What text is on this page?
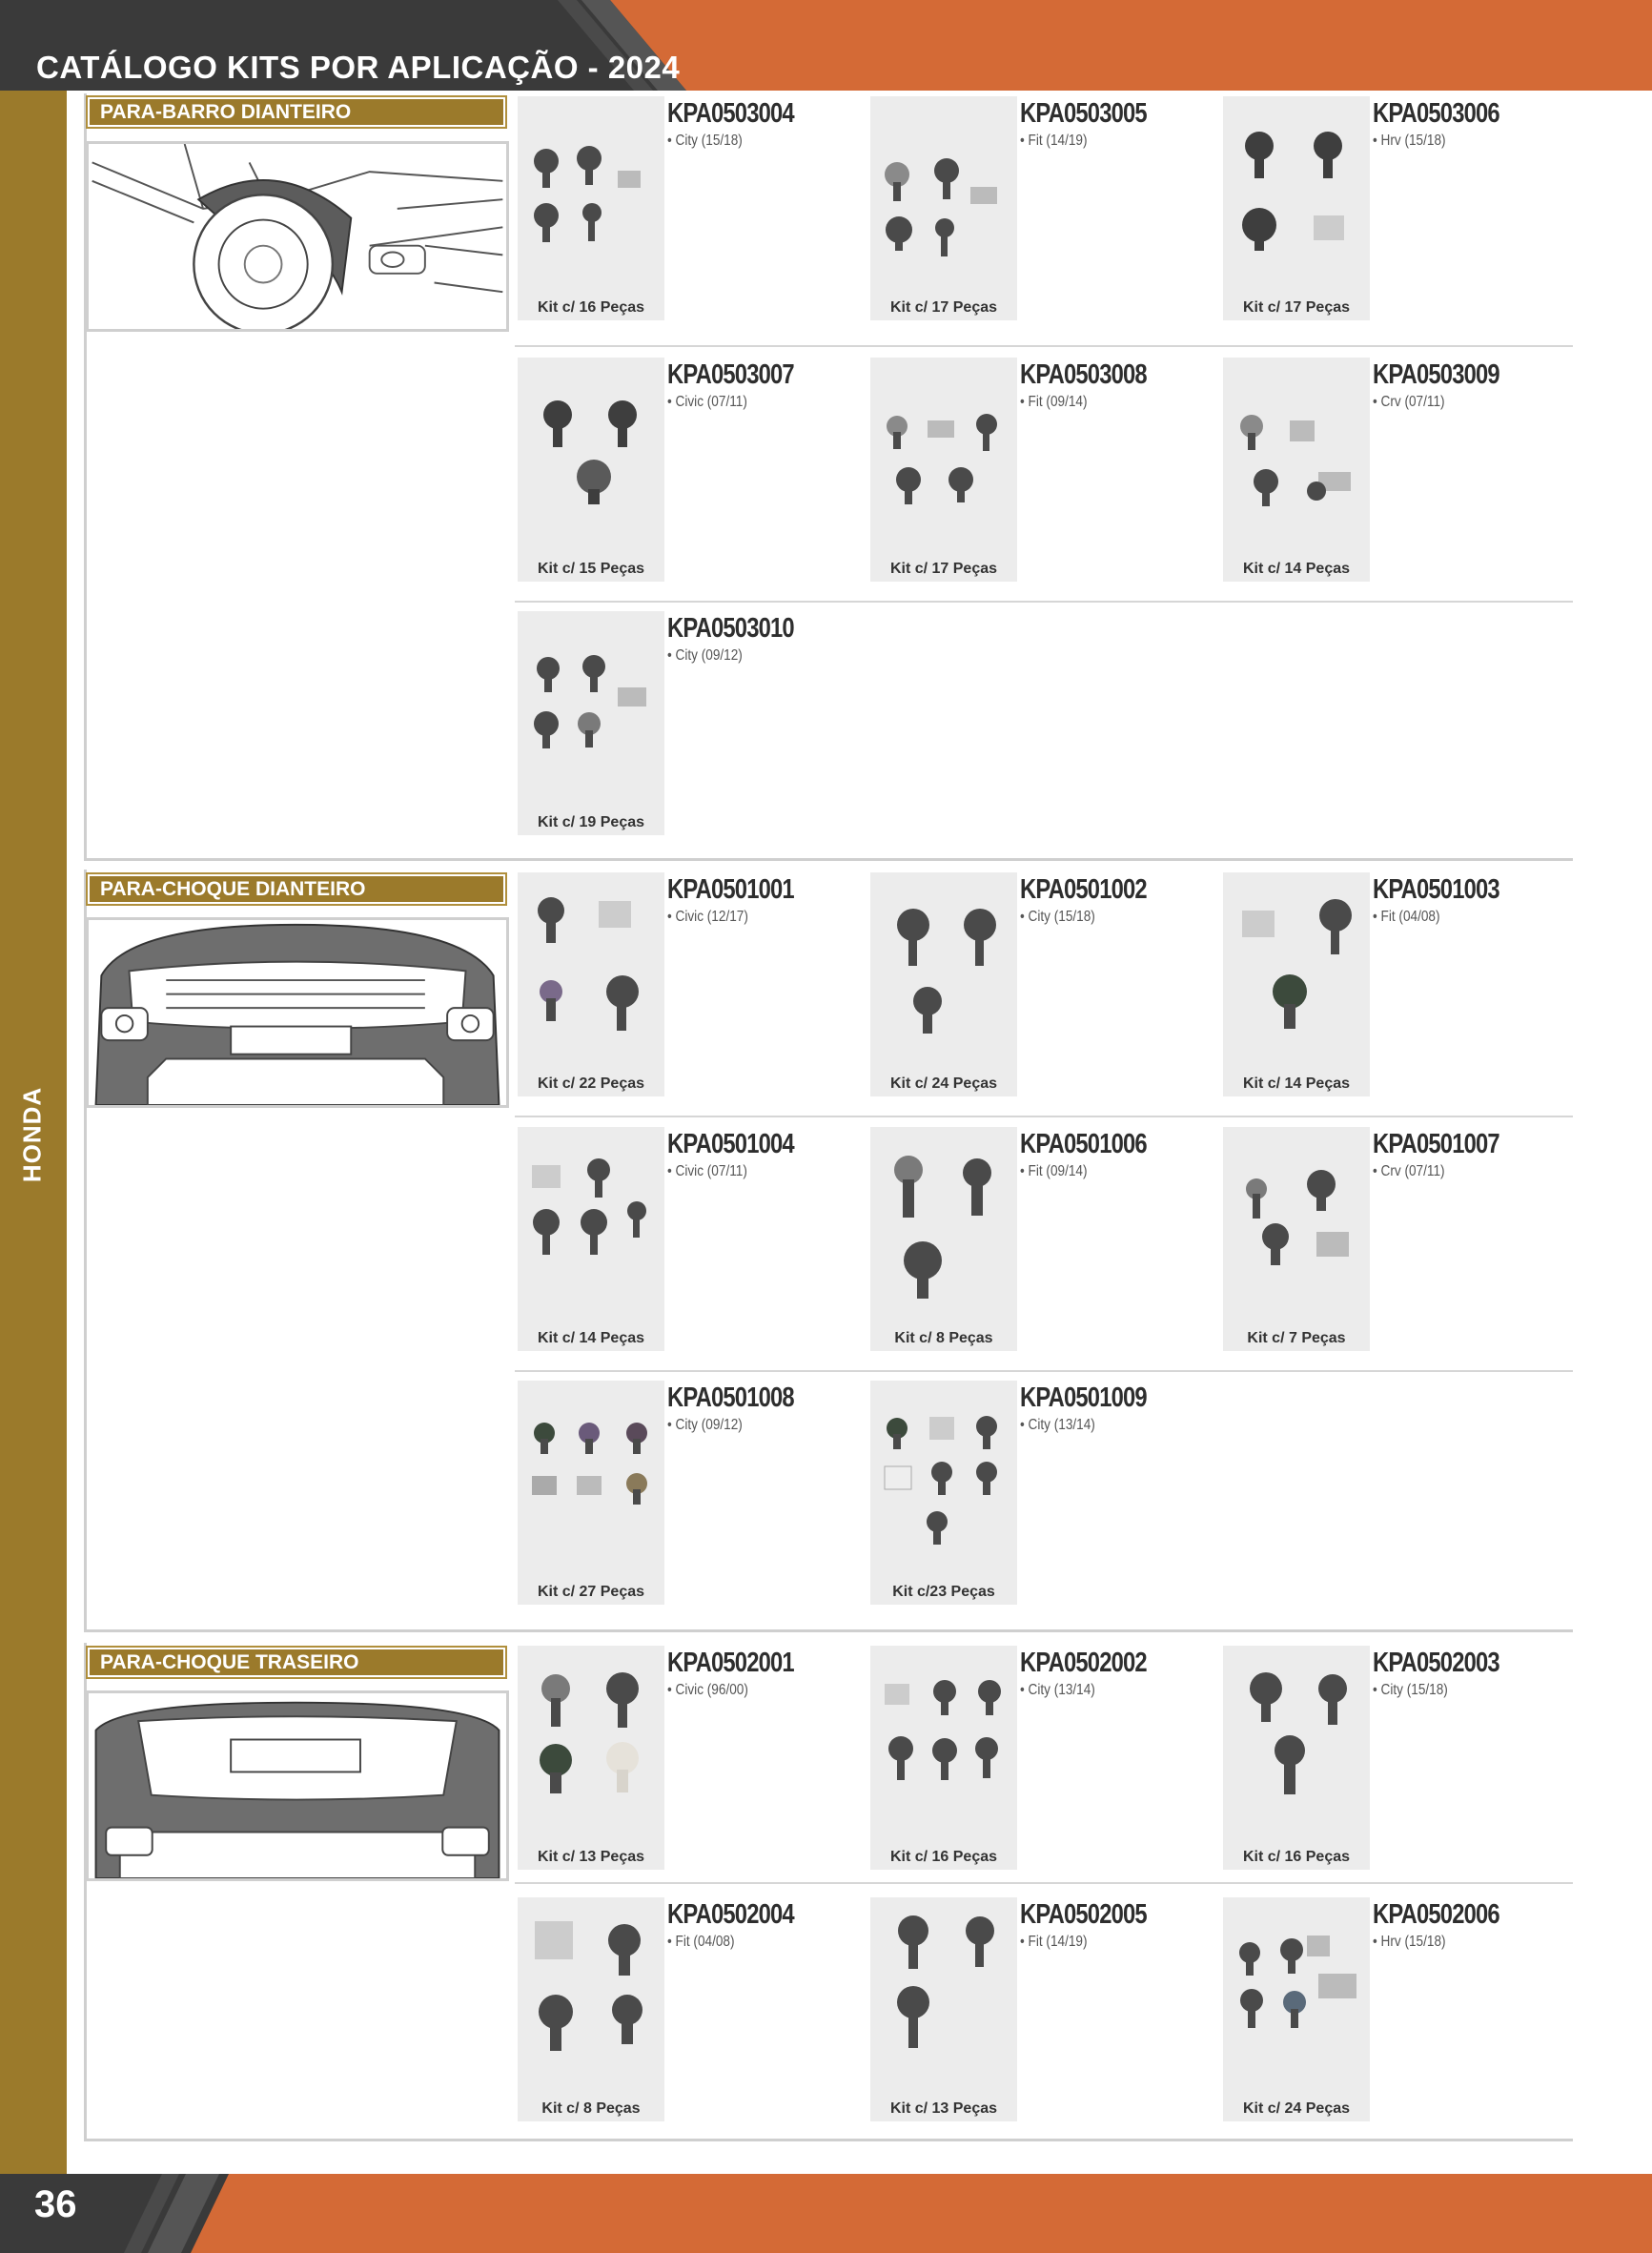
CATÁLOGO KITS POR APLICAÇÃO - 2024
HONDA
PARA-BARRO DIANTEIRO
Kit c/ 16 Peças
KPA0503004
• City (15/18)
Kit c/ 17 Peças
KPA0503005
• Fit (14/19)
Kit c/ 17 Peças
KPA0503006
• Hrv (15/18)
Kit c/ 15 Peças
KPA0503007
• Civic (07/11)
Kit c/ 17 Peças
KPA0503008
• Fit (09/14)
Kit c/ 14 Peças
KPA0503009
• Crv (07/11)
Kit c/ 19 Peças
KPA0503010
• City (09/12)
PARA-CHOQUE DIANTEIRO
Kit c/ 22 Peças
KPA0501001
• Civic (12/17)
Kit c/ 24 Peças
KPA0501002
• City (15/18)
Kit c/ 14 Peças
KPA0501003
• Fit (04/08)
Kit c/ 14 Peças
KPA0501004
• Civic (07/11)
Kit c/ 8 Peças
KPA0501006
• Fit (09/14)
Kit c/ 7 Peças
KPA0501007
• Crv (07/11)
Kit c/ 27 Peças
KPA0501008
• City (09/12)
Kit c/23 Peças
KPA0501009
• City (13/14)
PARA-CHOQUE TRASEIRO
Kit c/ 13 Peças
KPA0502001
• Civic (96/00)
Kit c/ 16 Peças
KPA0502002
• City (13/14)
Kit c/ 16 Peças
KPA0502003
• City (15/18)
Kit c/ 8 Peças
KPA0502004
• Fit (04/08)
Kit c/ 13 Peças
KPA0502005
• Fit (14/19)
Kit c/ 24 Peças
KPA0502006
• Hrv (15/18)
36
